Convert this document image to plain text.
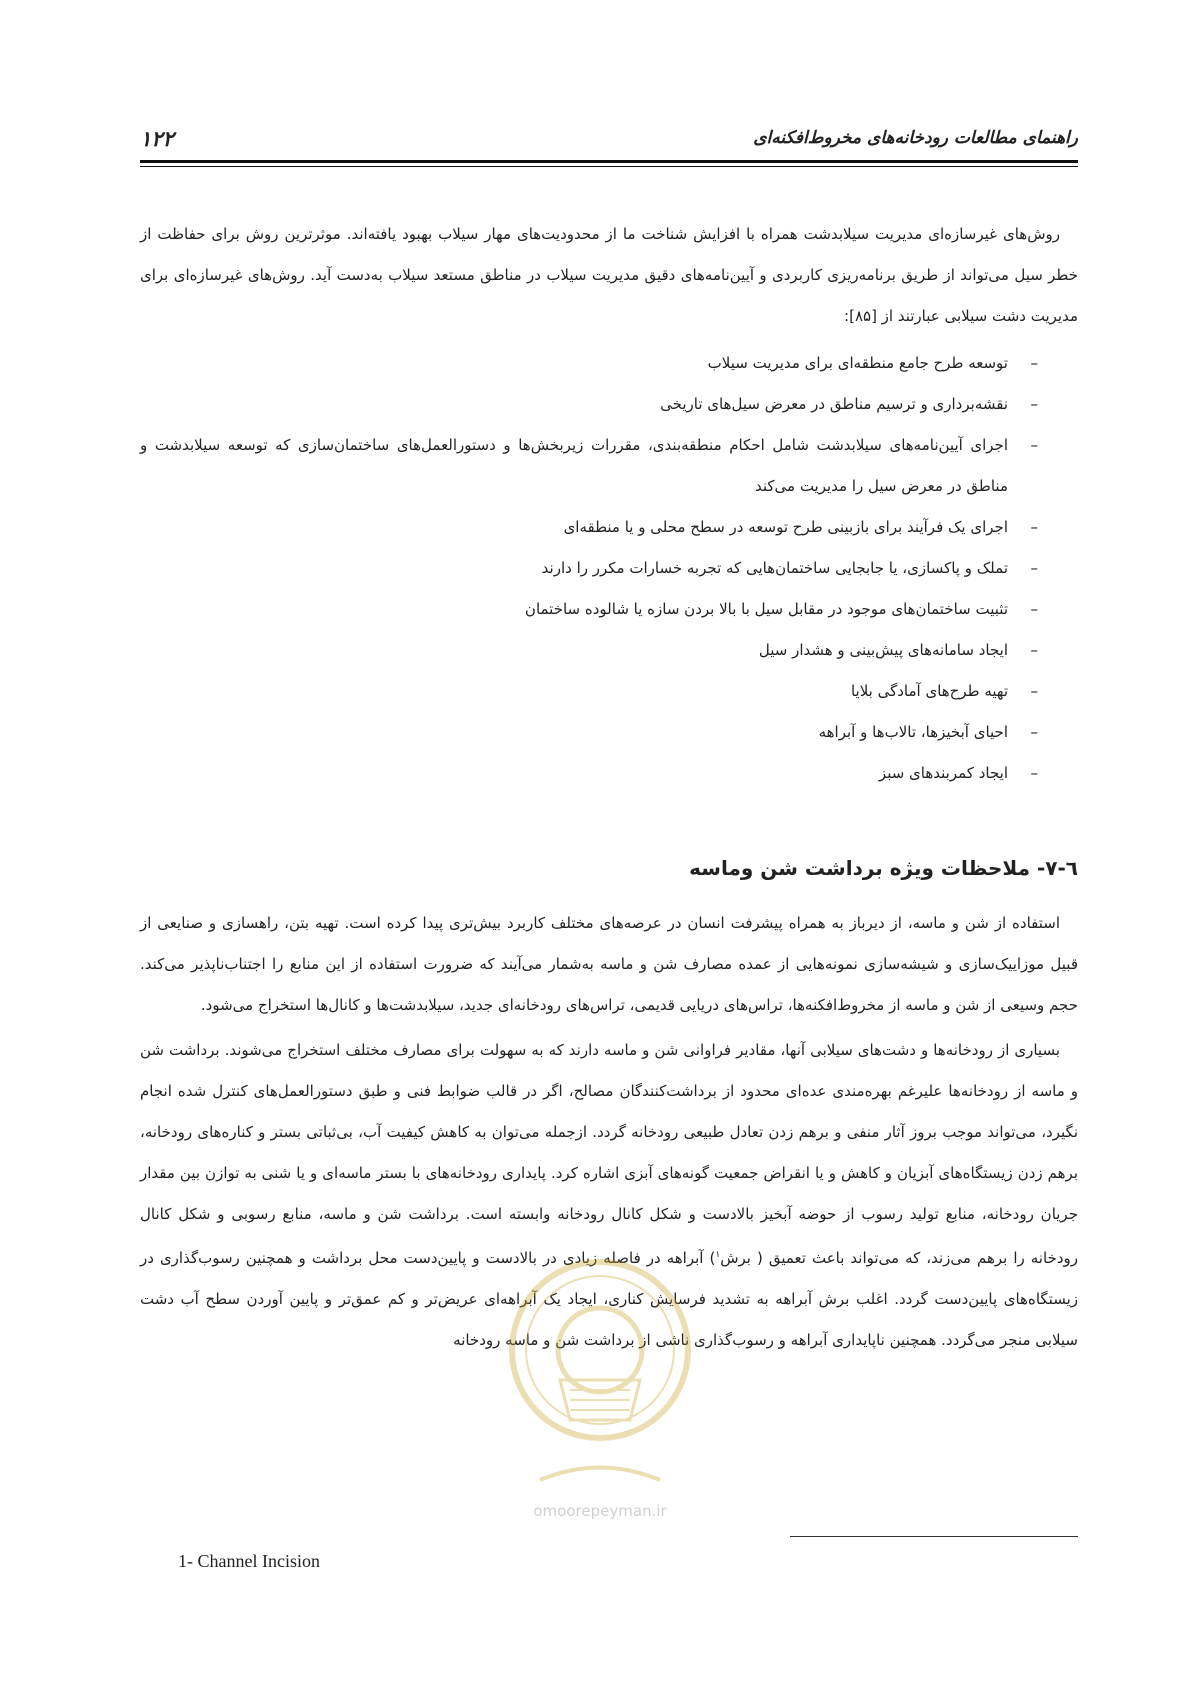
۱۲۲	راهنمای مطالعات رودخانه‌های مخروط‌افکنه‌ای

روش‌های غیرسازه‌ای مدیریت سیلابدشت همراه با افزایش شناخت ما از محدودیت‌های مهار سیلاب بهبود یافته‌اند. موثرترین روش برای حفاظت از خطر سیل می‌تواند از طریق برنامه‌ریزی کاربردی و آیین‌نامه‌های دقیق مدیریت سیلاب در مناطق مستعد سیلاب به‌دست آید. روش‌های غیرسازه‌ای برای مدیریت دشت سیلابی عبارتند از [۸۵]:

–
توسعه طرح جامع منطقه‌ای برای مدیریت سیلاب
–
نقشه‌برداری و ترسیم مناطق در معرض سیل‌های تاریخی
–
اجرای آیین‌نامه‌های سیلابدشت شامل احکام منطقه‌بندی، مقررات زیربخش‌ها و دستورالعمل‌های ساختمان‌سازی که توسعه سیلابدشت و مناطق در معرض سیل را مدیریت می‌کند
–
اجرای یک فرآیند برای بازبینی طرح توسعه در سطح محلی و یا منطقه‌ای
–
تملک و پاکسازی، یا جابجایی ساختمان‌هایی که تجربه خسارات مکرر را دارند
–
تثبیت ساختمان‌های موجود در مقابل سیل با بالا بردن سازه یا شالوده ساختمان
–
ایجاد سامانه‌های پیش‌بینی و هشدار سیل
–
تهیه طرح‌های آمادگی بلایا
–
احیای آبخیزها، تالاب‌ها و آبراهه
–
ایجاد کمربندهای سبز
٦-٧- ملاحظات ویژه برداشت شن وماسه

استفاده از شن و ماسه، از دیرباز به همراه پیشرفت انسان در عرصه‌های مختلف کاربرد بیش‌تری پیدا کرده است. تهیه بتن، راهسازی و صنایعی از قبیل موزاییک‌سازی و شیشه‌سازی نمونه‌هایی از عمده مصارف شن و ماسه به‌شمار می‌آیند که ضرورت استفاده از این منابع را اجتناب‌ناپذیر می‌کند. حجم وسیعی از شن و ماسه از مخروط‌افکنه‌ها، تراس‌های دریایی قدیمی، تراس‌های رودخانه‌ای جدید، سیلابدشت‌ها و کانال‌ها استخراج می‌شود.

بسیاری از رودخانه‌ها و دشت‌های سیلابی آنها، مقادیر فراوانی شن و ماسه دارند که به سهولت برای مصارف مختلف استخراج می‌شوند. برداشت شن و ماسه از رودخانه‌ها علیرغم بهره‌مندی عده‌ای محدود از برداشت‌کنندگان مصالح، اگر در قالب ضوابط فنی و طبق دستورالعمل‌های کنترل شده انجام نگیرد، می‌تواند موجب بروز آثار منفی و برهم زدن تعادل طبیعی رودخانه گردد. ازجمله می‌توان به کاهش کیفیت آب، بی‌ثباتی بستر و کناره‌های رودخانه، برهم زدن زیستگاه‌های آبزیان و کاهش و یا انقراض جمعیت گونه‌های آبزی اشاره کرد. پایداری رودخانه‌های با بستر ماسه‌ای و یا شنی به توازن بین مقدار جریان رودخانه، منابع تولید رسوب از حوضه آبخیز بالادست و شکل کانال رودخانه وابسته است. برداشت شن و ماسه، منابع رسوبی و شکل کانال رودخانه را برهم می‌زند، که می‌تواند باعث تعمیق ( برش$^١$) آبراهه در فاصله زیادی در بالادست و پایین‌دست محل برداشت و همچنین رسوب‌گذاری در زیستگاه‌های پایین‌دست گردد. اغلب برش آبراهه به تشدید فرسایش کناری، ایجاد یک آبراهه‌ای عریض‌تر و کم عمق‌تر و پایین آوردن سطح آب دشت سیلابی منجر می‌گردد. همچنین ناپایداری آبراهه و رسوب‌گذاری ناشی از برداشت شن و ماسه رودخانه

omoorepeyman.ir
1- Channel Incision
